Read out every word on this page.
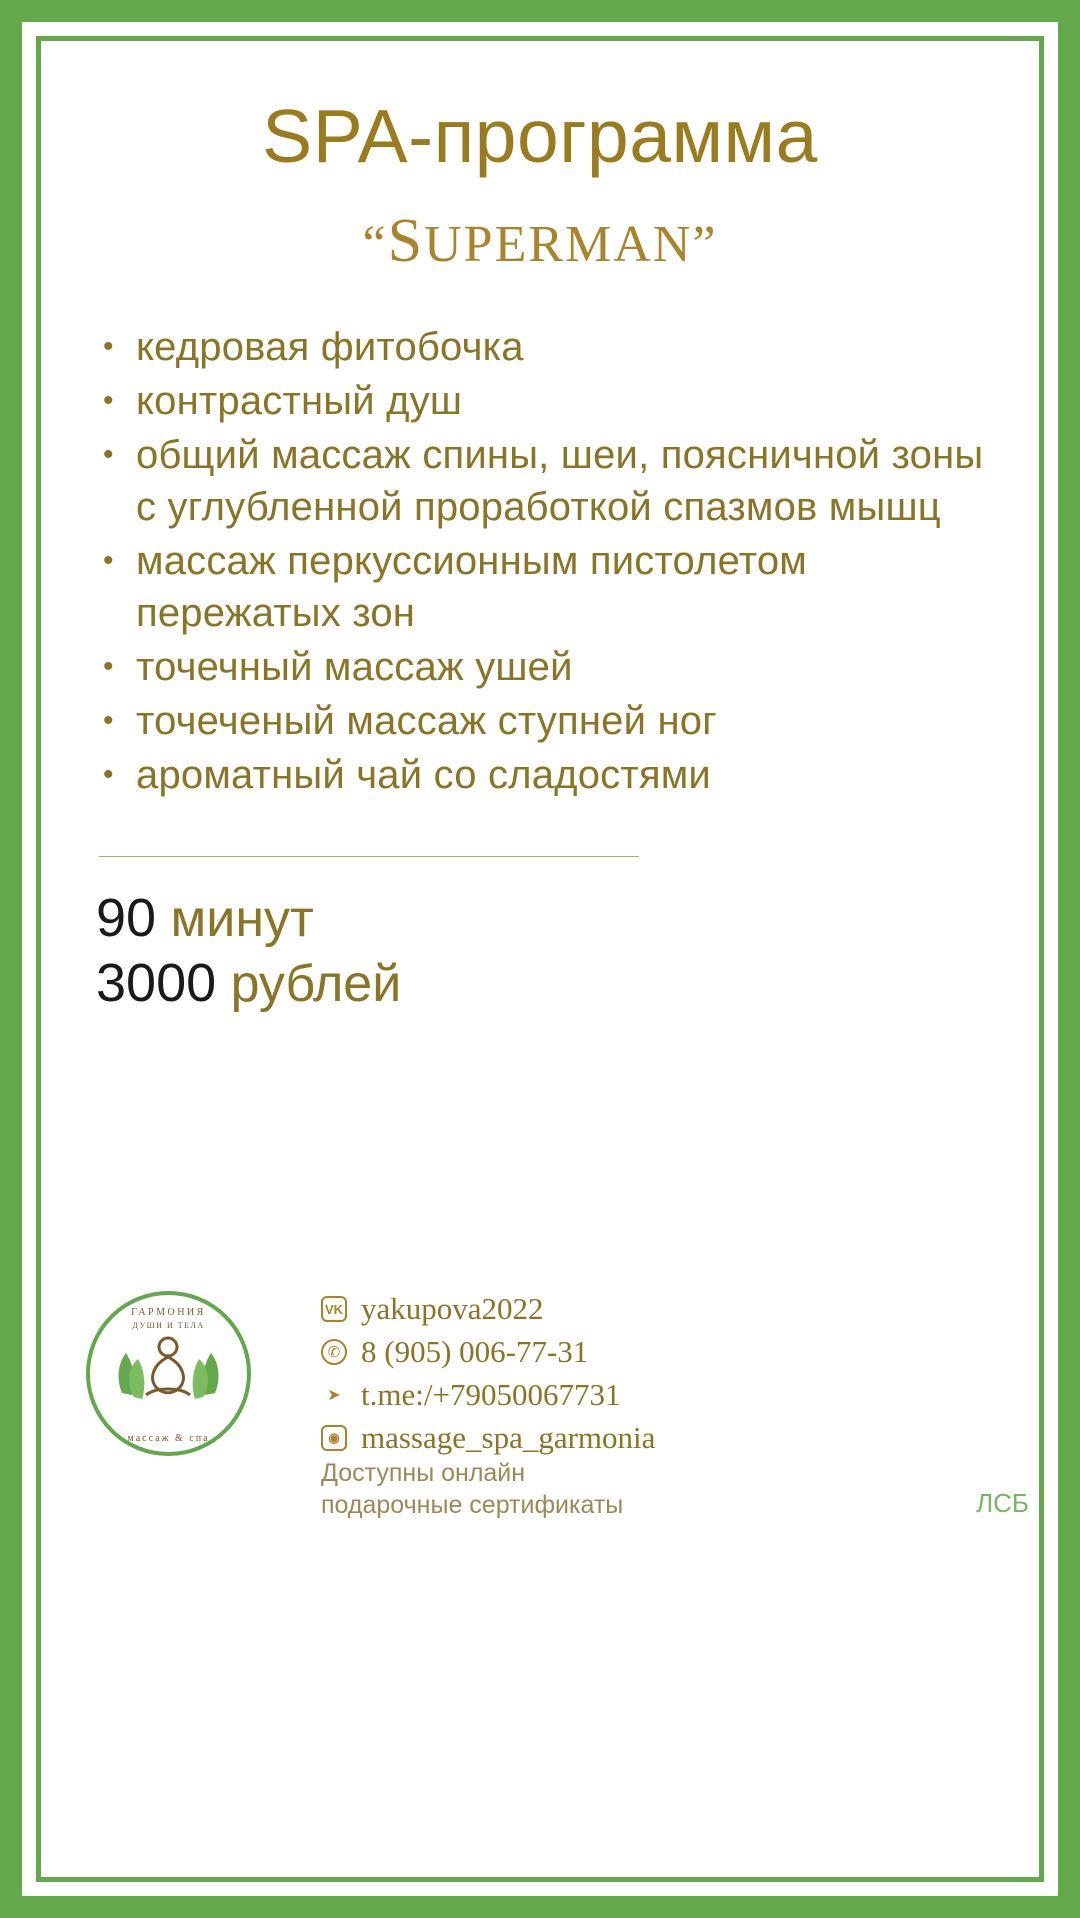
SPA-программа
“SUPERMAN”
• кедровая фитобочка
• контрастный душ
• общий массаж спины, шеи, поясничной зоны с углубленной проработкой спазмов мышц
• массаж перкуссионным пистолетом пережатых зон
• точечный массаж ушей
• точеченый массаж ступней ног
• ароматный чай со сладостями
90 минут
3000 рублей
ГАРМОНИЯ
ДУШИ И ТЕЛА
массаж & спа
VK yakupova2022
✆ 8 (905) 006-77-31
➤ t.me:/+79050067731
◉ massage_spa_garmonia
Доступны онлайн
подарочные сертификаты	ЛСБ
